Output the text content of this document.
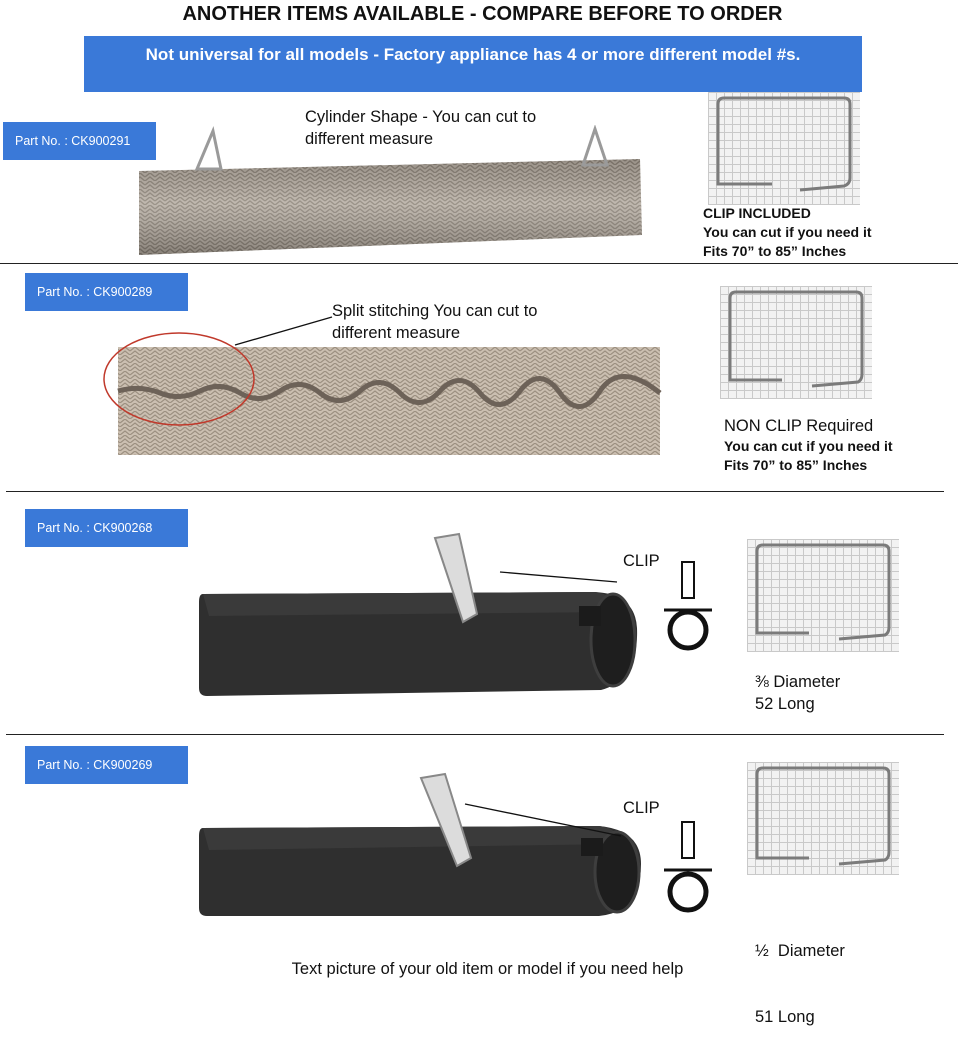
ANOTHER ITEMS AVAILABLE - COMPARE BEFORE TO ORDER
Not universal for all models - Factory appliance has 4 or more different model #s.
Part No. : CK900291
Cylinder Shape - You can cut to
different measure
CLIP INCLUDED
You can cut if you need it
Fits 70” to 85” Inches
Part No. : CK900289
Split stitching You can cut to
different measure
NON CLIP Required
You can cut if you need it
Fits 70” to 85” Inches
Part No. : CK900268
CLIP
⅜ Diameter
52 Long
Part No. : CK900269
CLIP

½  Diameter

51 Long

Text picture of your old item or model if you need help
